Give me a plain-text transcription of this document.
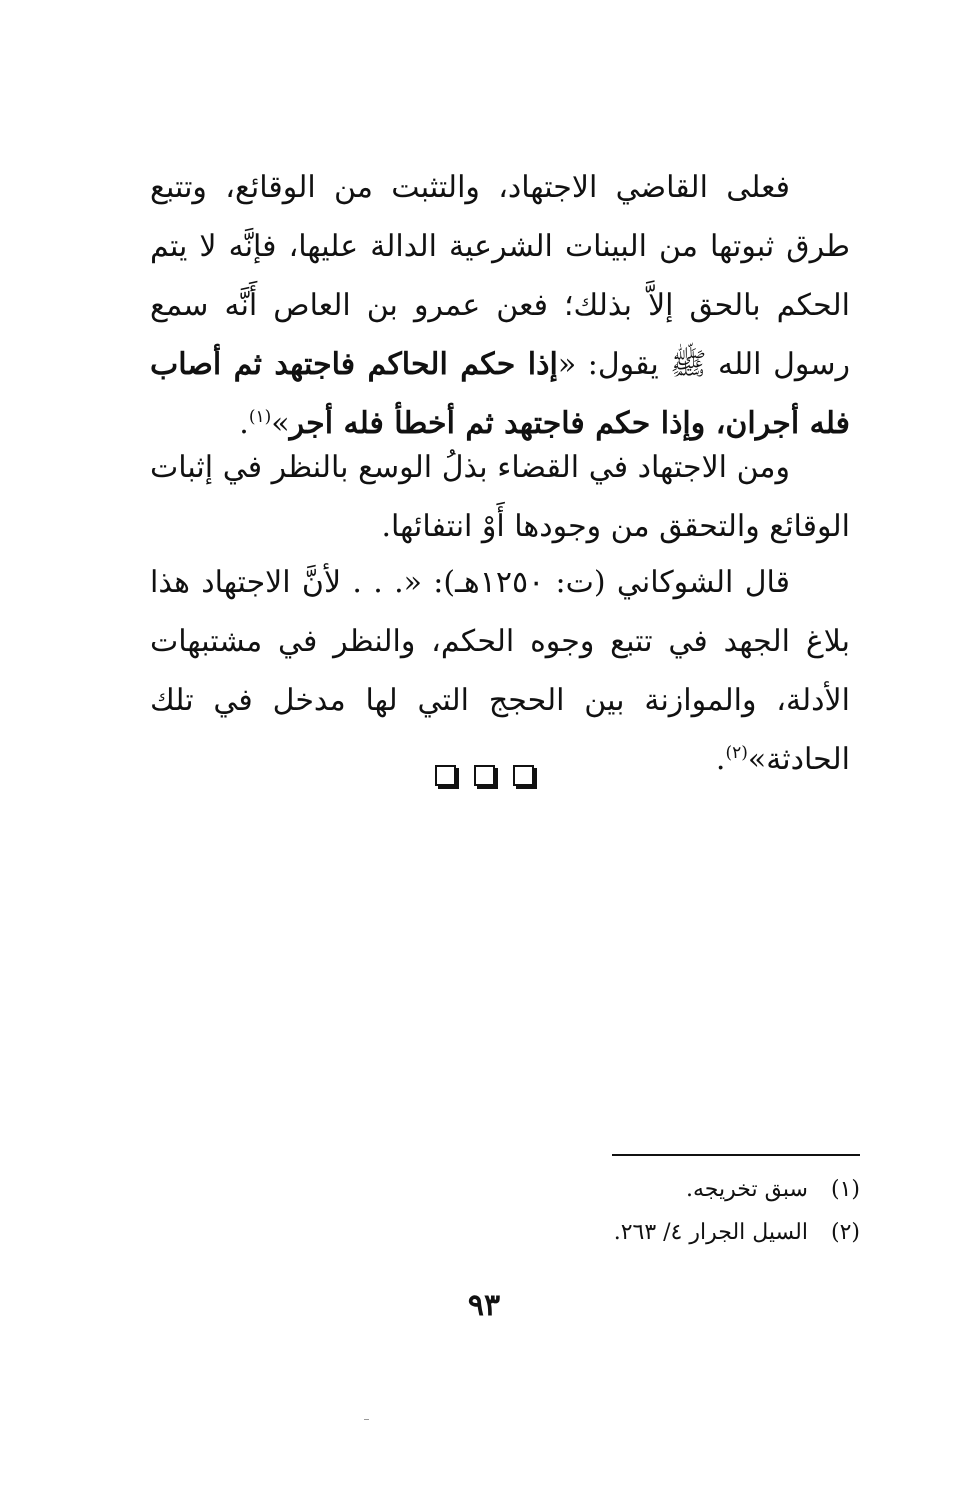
فعلى القاضي الاجتهاد، والتثبت من الوقائع، وتتبع طرق ثبوتها من البينات الشرعية الدالة عليها، فإنَّه لا يتم الحكم بالحق إلاَّ بذلك؛ فعن عمرو بن العاص أَنَّه سمع رسول الله ﷺ يقول: «إذا حكم الحاكم فاجتهد ثم أصاب فله أجران، وإذا حكم فاجتهد ثم أخطأ فله أجر»$^{(١)}$.
ومن الاجتهاد في القضاء بذلُ الوسع بالنظر في إثبات الوقائع والتحقق من وجودها أَوْ انتفائها.
قال الشوكاني (ت: ١٢٥٠هـ): «. . . لأنَّ الاجتهاد هذا بلاغ الجهد في تتبع وجوه الحكم، والنظر في مشتبهات الأدلة، والموازنة بين الحجج التي لها مدخل في تلك الحادثة»$^{(٢)}$.
(١)سبق تخريجه.
(٢)السيل الجرار ٤/ ٢٦٣.
٩٣
